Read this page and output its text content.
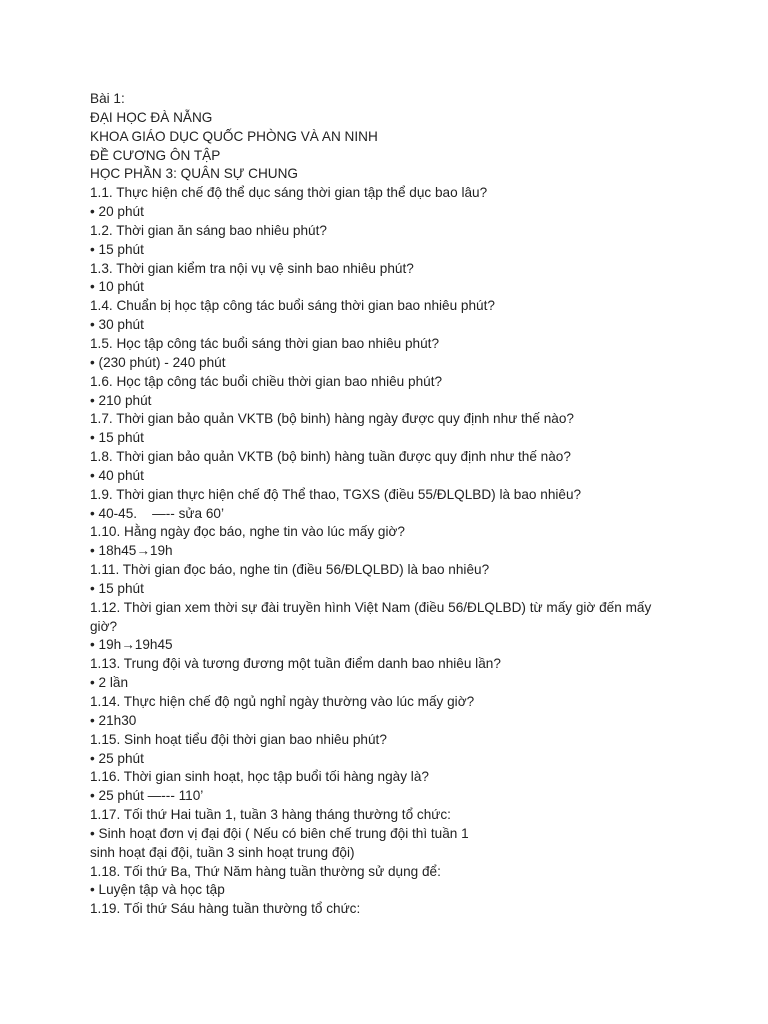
Bài 1:
ĐẠI HỌC ĐÀ NẴNG
KHOA GIÁO DỤC QUỐC PHÒNG VÀ AN NINH
ĐỀ CƯƠNG ÔN TẬP
HỌC PHẦN 3: QUÂN SỰ CHUNG
1.1. Thực hiện chế độ thể dục sáng thời gian tập thể dục bao lâu?
• 20 phút
1.2. Thời gian ăn sáng bao nhiêu phút?
• 15 phút
1.3. Thời gian kiểm tra nội vụ vệ sinh bao nhiêu phút?
• 10 phút
1.4. Chuẩn bị học tập công tác buổi sáng thời gian bao nhiêu phút?
• 30 phút
1.5. Học tập công tác buổi sáng thời gian bao nhiêu phút?
• (230 phút) - 240 phút
1.6. Học tập công tác buổi chiều thời gian bao nhiêu phút?
• 210 phút
1.7. Thời gian bảo quản VKTB (bộ binh) hàng ngày được quy định như thế nào?
• 15 phút
1.8. Thời gian bảo quản VKTB (bộ binh) hàng tuần được quy định như thế nào?
• 40 phút
1.9. Thời gian thực hiện chế độ Thể thao, TGXS (điều 55/ĐLQLBD) là bao nhiêu?
• 40-45.    —-- sửa 60’
1.10. Hằng ngày đọc báo, nghe tin vào lúc mấy giờ?
• 18h45→19h
1.11. Thời gian đọc báo, nghe tin (điều 56/ĐLQLBD) là bao nhiêu?
• 15 phút
1.12. Thời gian xem thời sự đài truyền hình Việt Nam (điều 56/ĐLQLBD) từ mấy giờ đến mấy
giờ?
• 19h→19h45
1.13. Trung đội và tương đương một tuần điểm danh bao nhiêu lần?
• 2 lần
1.14. Thực hiện chế độ ngủ nghỉ ngày thường vào lúc mấy giờ?
• 21h30
1.15. Sinh hoạt tiểu đội thời gian bao nhiêu phút?
• 25 phút
1.16. Thời gian sinh hoạt, học tập buổi tối hàng ngày là?
• 25 phút —--- 110’
1.17. Tối thứ Hai tuần 1, tuần 3 hàng tháng thường tổ chức:
• Sinh hoạt đơn vị đại đội ( Nếu có biên chế trung đội thì tuần 1
sinh hoạt đại đội, tuần 3 sinh hoạt trung đội)
1.18. Tối thứ Ba, Thứ Năm hàng tuần thường sử dụng để:
• Luyện tập và học tập
1.19. Tối thứ Sáu hàng tuần thường tổ chức:
